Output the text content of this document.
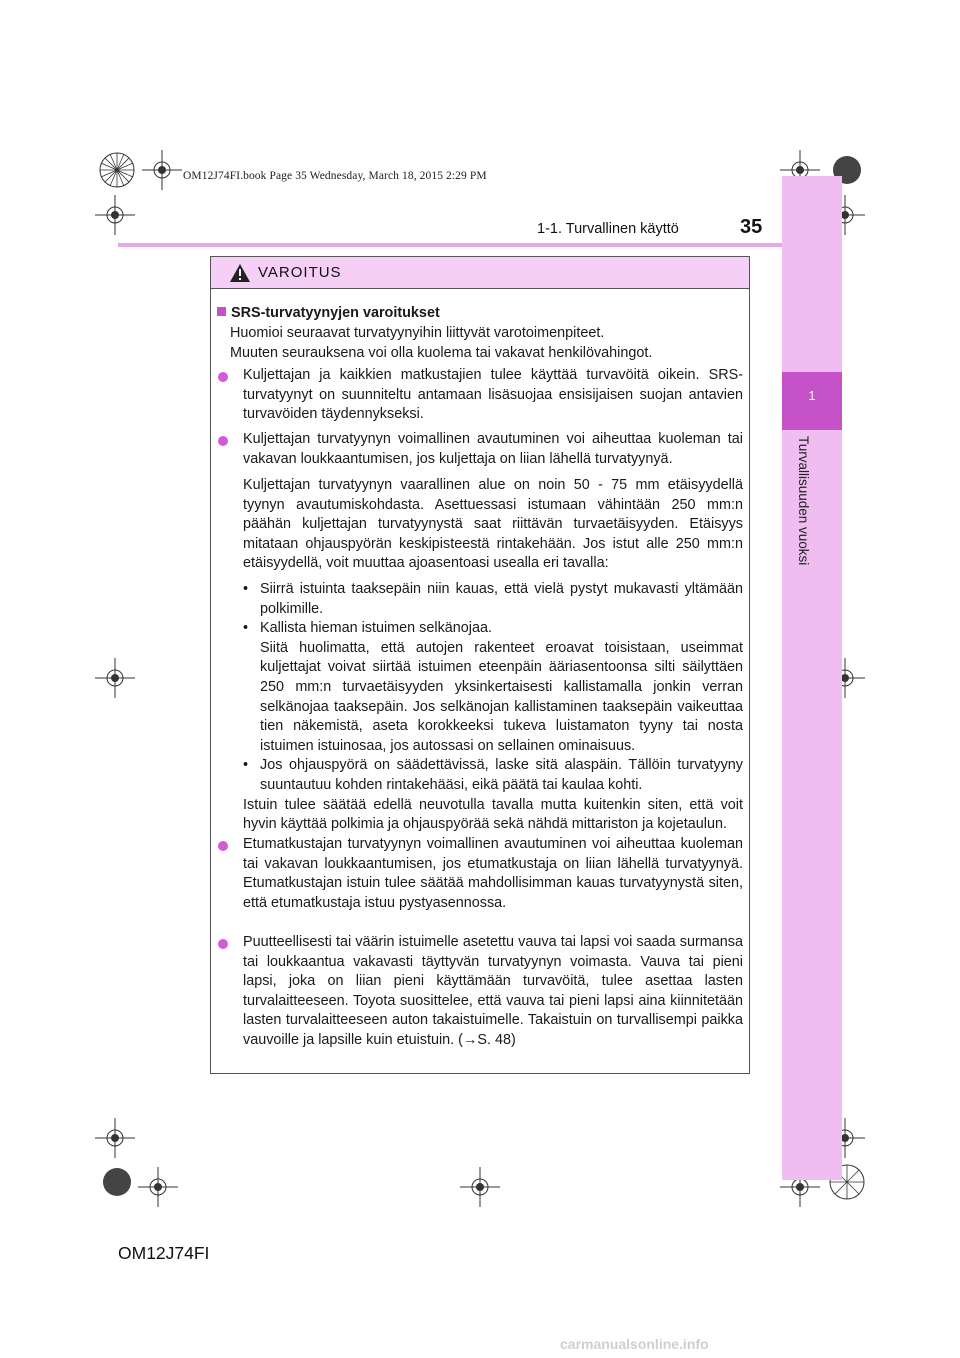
OM12J74FI.book Page 35 Wednesday, March 18, 2015 2:29 PM
1
Turvallisuuden vuoksi
1-1. Turvallinen käyttö	35
VAROITUS
SRS-turvatyynyjen varoitukset
Huomioi seuraavat turvatyynyihin liittyvät varotoimenpiteet.
Muuten seurauksena voi olla kuolema tai vakavat henkilövahingot.
Kuljettajan ja kaikkien matkustajien tulee käyttää turvavöitä oikein. SRS-turvatyynyt on suunniteltu antamaan lisäsuojaa ensisijaisen suojan antavien turvavöiden täydennykseksi.
Kuljettajan turvatyynyn voimallinen avautuminen voi aiheuttaa kuoleman tai vakavan loukkaantumisen, jos kuljettaja on liian lähellä turvatyynyä.
Kuljettajan turvatyynyn vaarallinen alue on noin 50 - 75 mm etäisyydellä tyynyn avautumiskohdasta. Asettuessasi istumaan vähintään 250 mm:n päähän kuljettajan turvatyynystä saat riittävän turvaetäisyyden. Etäisyys mitataan ohjauspyörän keskipisteestä rintakehään. Jos istut alle 250 mm:n etäisyydellä, voit muuttaa ajoasentoasi usealla eri tavalla:
• Siirrä istuinta taaksepäin niin kauas, että vielä pystyt mukavasti yltämään polkimille.
• Kallista hieman istuimen selkänojaa.
Siitä huolimatta, että autojen rakenteet eroavat toisistaan, useimmat kuljettajat voivat siirtää istuimen eteenpäin ääriasentoonsa silti säilyttäen 250 mm:n turvaetäisyyden yksinkertaisesti kallistamalla jonkin verran selkänojaa taaksepäin. Jos selkänojan kallistaminen taaksepäin vaikeuttaa tien näkemistä, aseta korokkeeksi tukeva luistamaton tyyny tai nosta istuimen istuinosaa, jos autossasi on sellainen ominaisuus.
• Jos ohjauspyörä on säädettävissä, laske sitä alaspäin. Tällöin turvatyyny suuntautuu kohden rintakehääsi, eikä päätä tai kaulaa kohti.
Istuin tulee säätää edellä neuvotulla tavalla mutta kuitenkin siten, että voit hyvin käyttää polkimia ja ohjauspyörää sekä nähdä mittariston ja kojetaulun.
Etumatkustajan turvatyynyn voimallinen avautuminen voi aiheuttaa kuoleman tai vakavan loukkaantumisen, jos etumatkustaja on liian lähellä turvatyynyä. Etumatkustajan istuin tulee säätää mahdollisimman kauas turvatyynystä siten, että etumatkustaja istuu pystyasennossa.
Puutteellisesti tai väärin istuimelle asetettu vauva tai lapsi voi saada surmansa tai loukkaantua vakavasti täyttyvän turvatyynyn voimasta. Vauva tai pieni lapsi, joka on liian pieni käyttämään turvavöitä, tulee asettaa lasten turvalaitteeseen. Toyota suosittelee, että vauva tai pieni lapsi aina kiinnitetään lasten turvalaitteeseen auton takaistuimelle. Takaistuin on turvallisempi paikka vauvoille ja lapsille kuin etuistuin. (→S. 48)
OM12J74FI
carmanualsonline.info
